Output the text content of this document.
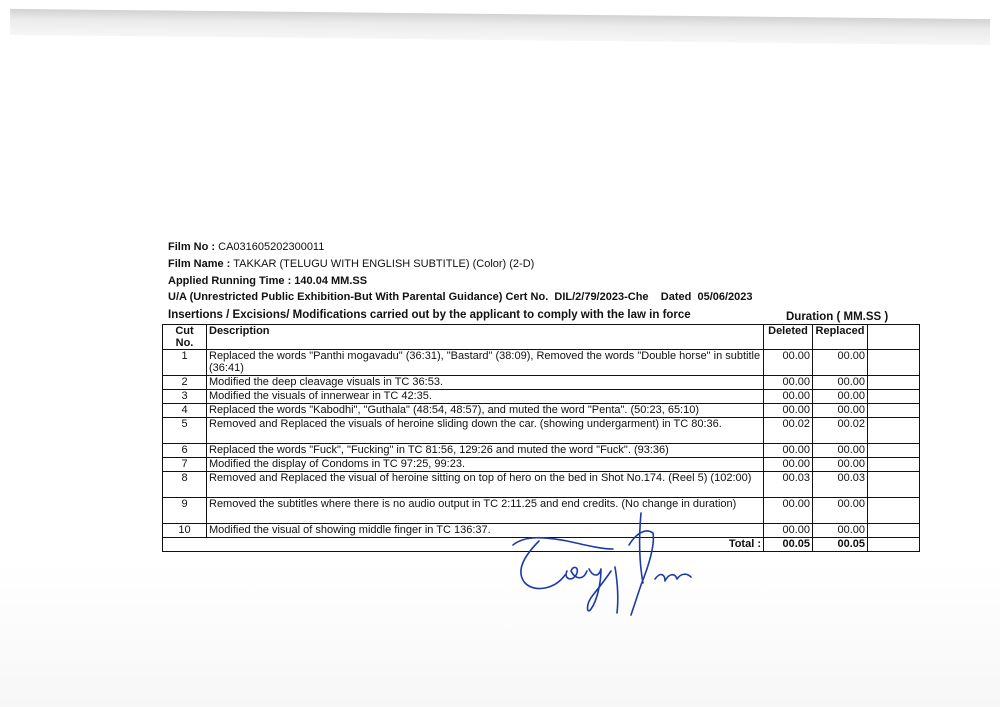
Film No : CA031605202300011
Film Name : TAKKAR (TELUGU WITH ENGLISH SUBTITLE) (Color) (2-D)
Applied Running Time : 140.04 MM.SS
U/A (Unrestricted Public Exhibition-But With Parental Guidance) Cert No. DIL/2/79/2023-Che Dated 05/06/2023
Insertions / Excisions/ Modifications carried out by the applicant to comply with the law in force	Duration ( MM.SS )
Cut No.	Description	Deleted	Replaced	
1	Replaced the words "Panthi mogavadu" (36:31), "Bastard" (38:09), Removed the words "Double horse" in subtitle (36:41)	00.00	00.00	
2	Modified the deep cleavage visuals in TC 36:53.	00.00	00.00	
3	Modified the visuals of innerwear in TC 42:35.	00.00	00.00	
4	Replaced the words "Kabodhi", "Guthala" (48:54, 48:57), and muted the word "Penta". (50:23, 65:10)	00.00	00.00	
5	Removed and Replaced the visuals of heroine sliding down the car. (showing undergarment) in TC 80:36.	00.02	00.02	
6	Replaced the words "Fuck", "Fucking" in TC 81:56, 129:26 and muted the word "Fuck". (93:36)	00.00	00.00	
7	Modified the display of Condoms in TC 97:25, 99:23.	00.00	00.00	
8	Removed and Replaced the visual of heroine sitting on top of hero on the bed in Shot No.174. (Reel 5) (102:00)	00.03	00.03	
9	Removed the subtitles where there is no audio output in TC 2:11.25 and end credits. (No change in duration)	00.00	00.00	
10	Modified the visual of showing middle finger in TC 136:37.	00.00	00.00	
Total :		00.05	00.05	
